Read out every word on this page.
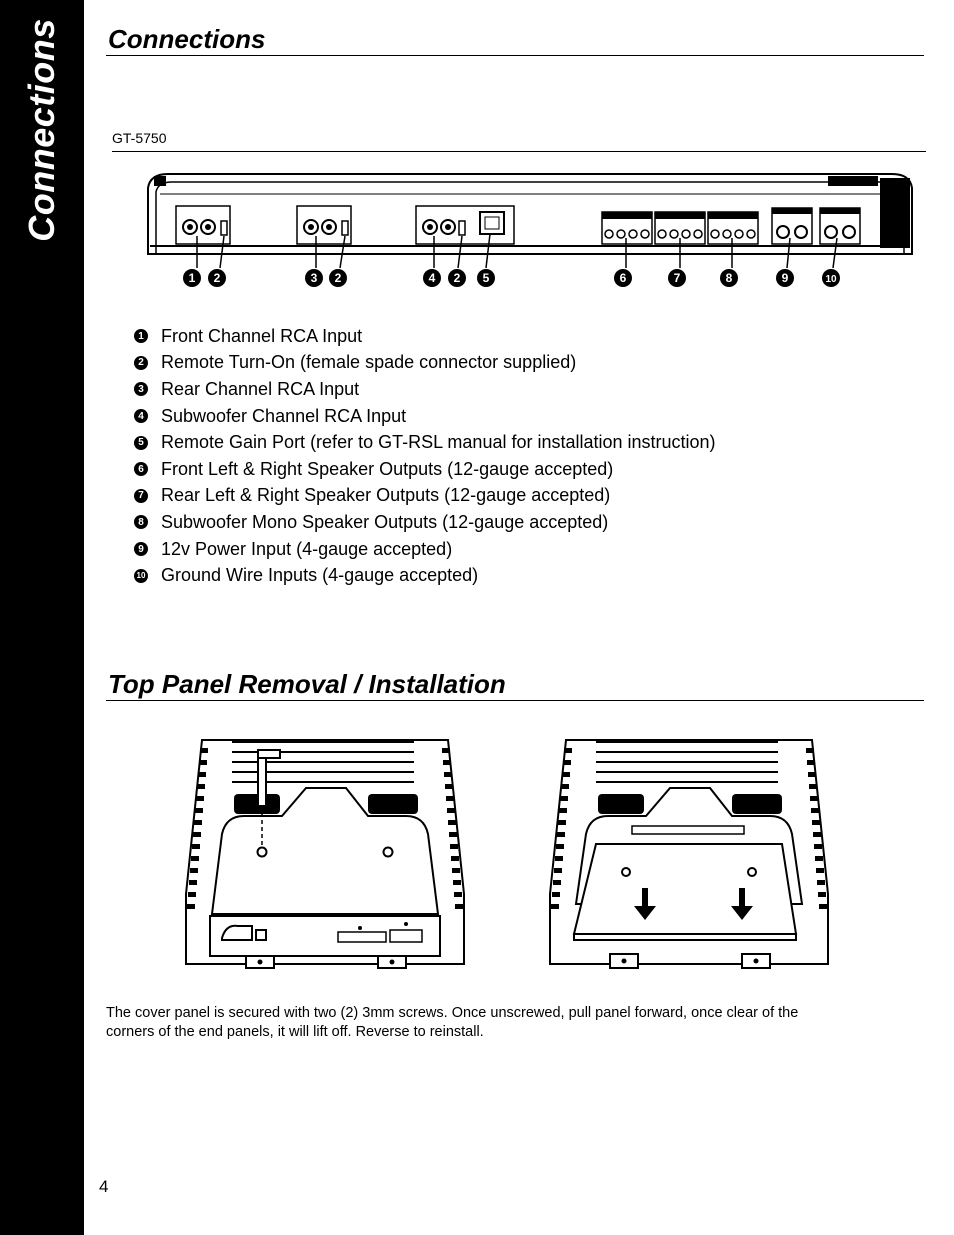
Connections Connections
GT-5750
1 2	3 2	4 2 5	6	7	8	9	10
1 Front Channel RCA Input
2 Remote Turn-On (female spade connector supplied)
3 Rear Channel RCA Input
4 Subwoofer Channel RCA Input
5 Remote Gain Port (refer to GT-RSL manual for installation instruction)
6 Front Left & Right Speaker Outputs (12-gauge accepted)
7 Rear Left & Right Speaker Outputs (12-gauge accepted)
8 Subwoofer Mono Speaker Outputs (12-gauge accepted)
9 12v Power Input (4-gauge accepted)
10 Ground Wire Inputs (4-gauge accepted)
Top Panel Removal / Installation
The cover panel is secured with two (2) 3mm screws. Once unscrewed, pull panel forward, once clear of the corners of the end panels, it will lift off. Reverse to reinstall.
4
